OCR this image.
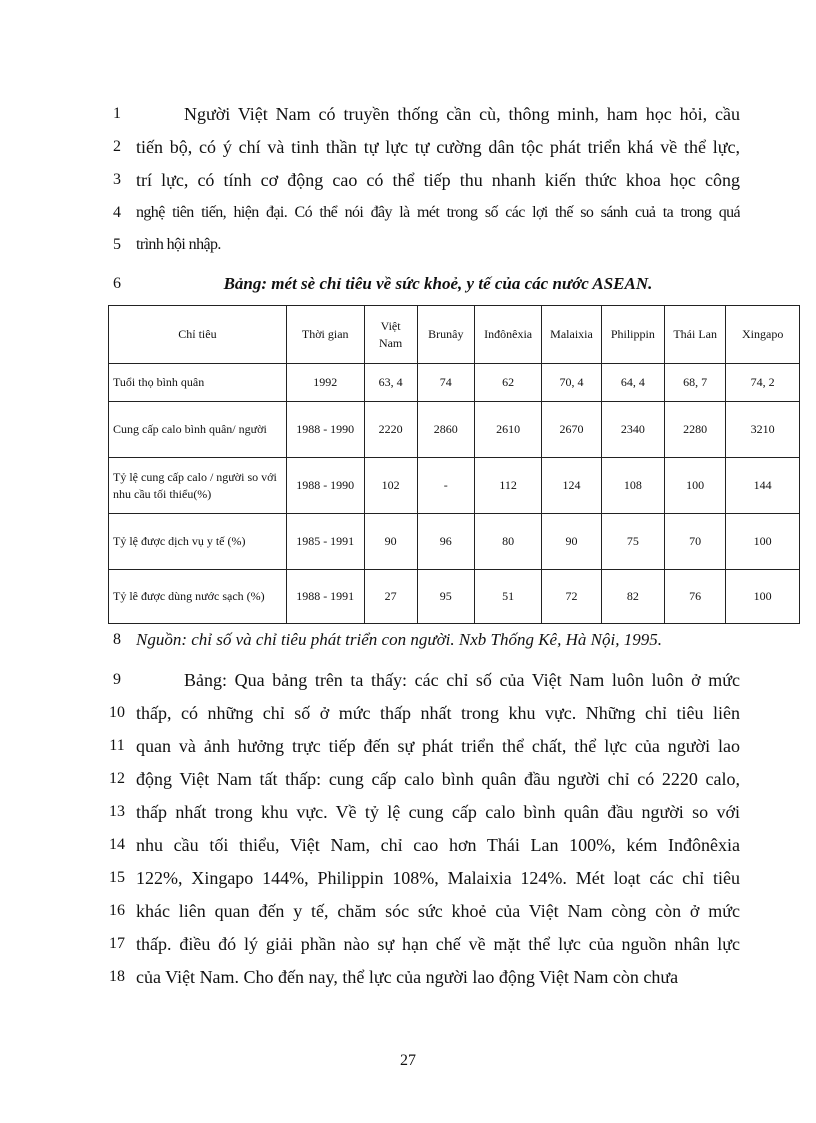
1	Người Việt Nam có truyền thống cần cù, thông minh, ham học hỏi, cầu
2 tiến bộ, có ý chí và tinh thần tự lực tự cường dân tộc phát triển khá về thể lực,
3 trí lực, có tính cơ động cao có thể tiếp thu nhanh kiến thức khoa học công
4 nghệ tiên tiến, hiện đại. Có thể nói đây là mét trong số các lợi thế so sánh cuả ta trong quá
5 trình hội nhập.
6	Bảng: mét sè chỉ tiêu về sức khoẻ, y tế của các nước ASEAN.
Chỉ tiêu	Thời gian	Việt Nam	Brunây	Inđônêxia	Malaixia	Philippin	Thái Lan	Xingapo
Tuổi thọ bình quân	1992	63, 4	74	62	70, 4	64, 4	68, 7	74, 2
Cung cấp calo bình quân/ người	1988 - 1990	2220	2860	2610	2670	2340	2280	3210
Tỷ lệ cung cấp calo / người so với nhu cầu tối thiểu(%)	1988 - 1990	102	-	112	124	108	100	144
Tỷ lệ được dịch vụ y tế (%)	1985 - 1991	90	96	80	90	75	70	100
Tỷ lê được dùng nước sạch (%)	1988 - 1991	27	95	51	72	82	76	100
8 Nguồn: chỉ số và chỉ tiêu phát triển con người. Nxb Thống Kê, Hà Nội, 1995.
9	Bảng: Qua bảng trên ta thấy: các chỉ số của Việt Nam luôn luôn ở mức
10 thấp, có những chỉ số ở mức thấp nhất trong khu vực. Những chỉ tiêu liên
11 quan và ảnh hưởng trực tiếp đến sự phát triển thể chất, thể lực của người lao
12 động Việt Nam tất thấp: cung cấp calo bình quân đầu người chỉ có 2220 calo,
13 thấp nhất trong khu vực. Về tỷ lệ cung cấp calo bình quân đầu người so với
14 nhu cầu tối thiểu, Việt Nam, chỉ cao hơn Thái Lan 100%, kém Inđônêxia
15 122%, Xingapo 144%, Philippin 108%, Malaixia 124%. Mét loạt các chỉ tiêu
16 khác liên quan đến y tế, chăm sóc sức khoẻ của Việt Nam còng còn ở mức
17 thấp. điều đó lý giải phần nào sự hạn chế về mặt thể lực của nguồn nhân lực
18 của Việt Nam. Cho đến nay, thể lực của người lao động Việt Nam còn chưa
27
